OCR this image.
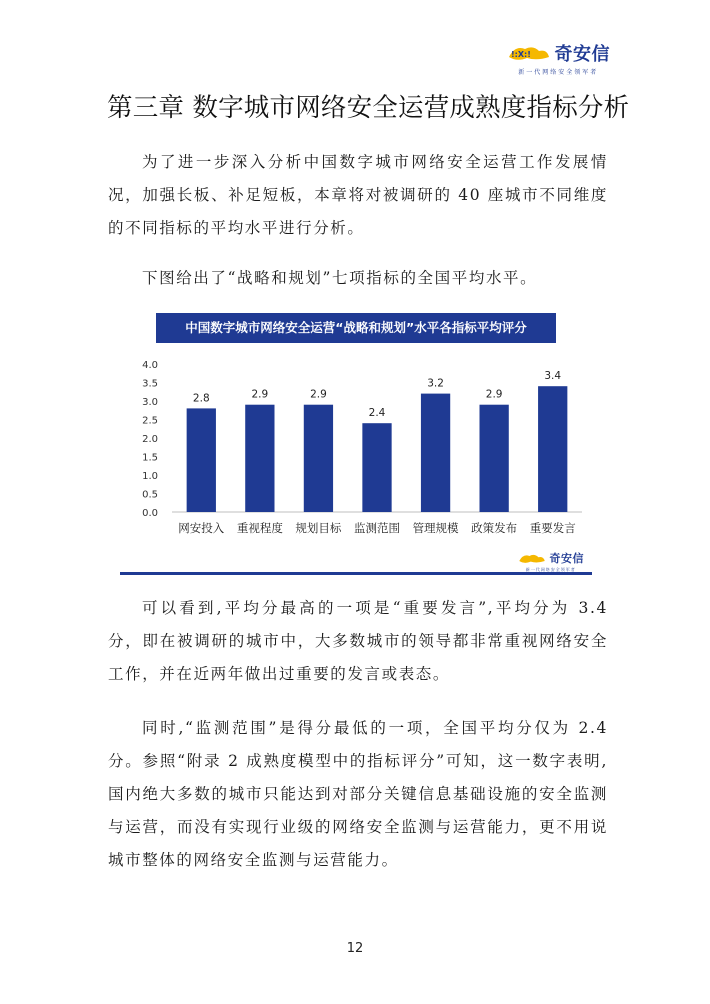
!:X:! 奇安信
新一代网络安全领军者
第三章 数字城市网络安全运营成熟度指标分析

为了进一步深入分析中国数字城市网络安全运营工作发展情况，加强长板、补足短板，本章将对被调研的 40 座城市不同维度的不同指标的平均水平进行分析。

下图给出了“战略和规划”七项指标的全国平均水平。

中国数字城市网络安全运营“战略和规划”水平各指标平均评分
0.0
0.5
1.0
1.5
2.0
2.5
3.0
3.5
4.0
2.8
网安投入
2.9
重视程度
2.9
规划目标
2.4
监测范围
3.2
管理规模
2.9
政策发布
3.4
重要发言
奇安信
新一代网络安全领军者

可以看到,平均分最高的一项是“重要发言”,平均分为 3.4 分，即在被调研的城市中，大多数城市的领导都非常重视网络安全工作，并在近两年做出过重要的发言或表态。

同时,“监测范围”是得分最低的一项，全国平均分仅为 2.4 分。参照“附录 2 成熟度模型中的指标评分”可知，这一数字表明,国内绝大多数的城市只能达到对部分关键信息基础设施的安全监测与运营，而没有实现行业级的网络安全监测与运营能力，更不用说城市整体的网络安全监测与运营能力。

12
